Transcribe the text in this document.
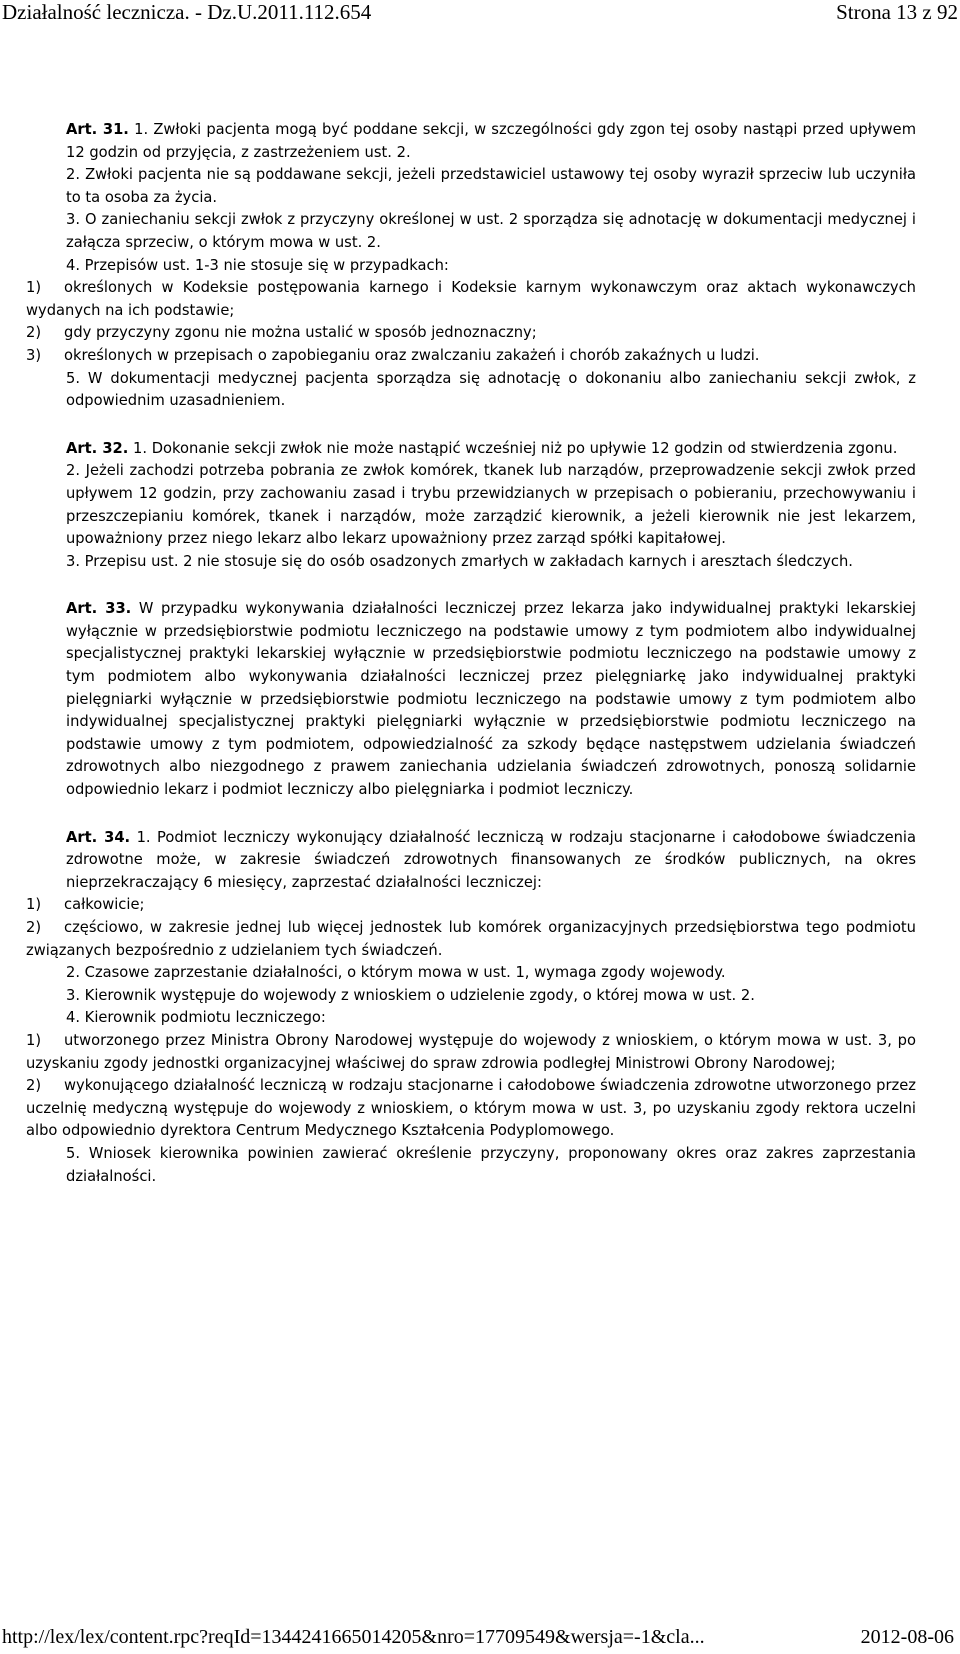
Działalność lecznicza. - Dz.U.2011.112.654	Strona 13 z 92

Art. 31. 1. Zwłoki pacjenta mogą być poddane sekcji, w szczególności gdy zgon tej osoby nastąpi przed upływem 12 godzin od przyjęcia, z zastrzeżeniem ust. 2.

2. Zwłoki pacjenta nie są poddawane sekcji, jeżeli przedstawiciel ustawowy tej osoby wyraził sprzeciw lub uczyniła to ta osoba za życia.

3. O zaniechaniu sekcji zwłok z przyczyny określonej w ust. 2 sporządza się adnotację w dokumentacji medycznej i załącza sprzeciw, o którym mowa w ust. 2.

4. Przepisów ust. 1-3 nie stosuje się w przypadkach:

1) określonych w Kodeksie postępowania karnego i Kodeksie karnym wykonawczym oraz aktach wykonawczych wydanych na ich podstawie;

2) gdy przyczyny zgonu nie można ustalić w sposób jednoznaczny;

3) określonych w przepisach o zapobieganiu oraz zwalczaniu zakażeń i chorób zakaźnych u ludzi.

5. W dokumentacji medycznej pacjenta sporządza się adnotację o dokonaniu albo zaniechaniu sekcji zwłok, z odpowiednim uzasadnieniem.

Art. 32. 1. Dokonanie sekcji zwłok nie może nastąpić wcześniej niż po upływie 12 godzin od stwierdzenia zgonu.

2. Jeżeli zachodzi potrzeba pobrania ze zwłok komórek, tkanek lub narządów, przeprowadzenie sekcji zwłok przed upływem 12 godzin, przy zachowaniu zasad i trybu przewidzianych w przepisach o pobieraniu, przechowywaniu i przeszczepianiu komórek, tkanek i narządów, może zarządzić kierownik, a jeżeli kierownik nie jest lekarzem, upoważniony przez niego lekarz albo lekarz upoważniony przez zarząd spółki kapitałowej.

3. Przepisu ust. 2 nie stosuje się do osób osadzonych zmarłych w zakładach karnych i aresztach śledczych.

Art. 33. W przypadku wykonywania działalności leczniczej przez lekarza jako indywidualnej praktyki lekarskiej wyłącznie w przedsiębiorstwie podmiotu leczniczego na podstawie umowy z tym podmiotem albo indywidualnej specjalistycznej praktyki lekarskiej wyłącznie w przedsiębiorstwie podmiotu leczniczego na podstawie umowy z tym podmiotem albo wykonywania działalności leczniczej przez pielęgniarkę jako indywidualnej praktyki pielęgniarki wyłącznie w przedsiębiorstwie podmiotu leczniczego na podstawie umowy z tym podmiotem albo indywidualnej specjalistycznej praktyki pielęgniarki wyłącznie w przedsiębiorstwie podmiotu leczniczego na podstawie umowy z tym podmiotem, odpowiedzialność za szkody będące następstwem udzielania świadczeń zdrowotnych albo niezgodnego z prawem zaniechania udzielania świadczeń zdrowotnych, ponoszą solidarnie odpowiednio lekarz i podmiot leczniczy albo pielęgniarka i podmiot leczniczy.

Art. 34. 1. Podmiot leczniczy wykonujący działalność leczniczą w rodzaju stacjonarne i całodobowe świadczenia zdrowotne może, w zakresie świadczeń zdrowotnych finansowanych ze środków publicznych, na okres nieprzekraczający 6 miesięcy, zaprzestać działalności leczniczej:

1) całkowicie;

2) częściowo, w zakresie jednej lub więcej jednostek lub komórek organizacyjnych przedsiębiorstwa tego podmiotu związanych bezpośrednio z udzielaniem tych świadczeń.

2. Czasowe zaprzestanie działalności, o którym mowa w ust. 1, wymaga zgody wojewody.

3. Kierownik występuje do wojewody z wnioskiem o udzielenie zgody, o której mowa w ust. 2.

4. Kierownik podmiotu leczniczego:

1) utworzonego przez Ministra Obrony Narodowej występuje do wojewody z wnioskiem, o którym mowa w ust. 3, po uzyskaniu zgody jednostki organizacyjnej właściwej do spraw zdrowia podległej Ministrowi Obrony Narodowej;

2) wykonującego działalność leczniczą w rodzaju stacjonarne i całodobowe świadczenia zdrowotne utworzonego przez uczelnię medyczną występuje do wojewody z wnioskiem, o którym mowa w ust. 3, po uzyskaniu zgody rektora uczelni albo odpowiednio dyrektora Centrum Medycznego Kształcenia Podyplomowego.

5. Wniosek kierownika powinien zawierać określenie przyczyny, proponowany okres oraz zakres zaprzestania działalności.

http://lex/lex/content.rpc?reqId=1344241665014205&nro=17709549&wersja=-1&cla...	2012-08-06
